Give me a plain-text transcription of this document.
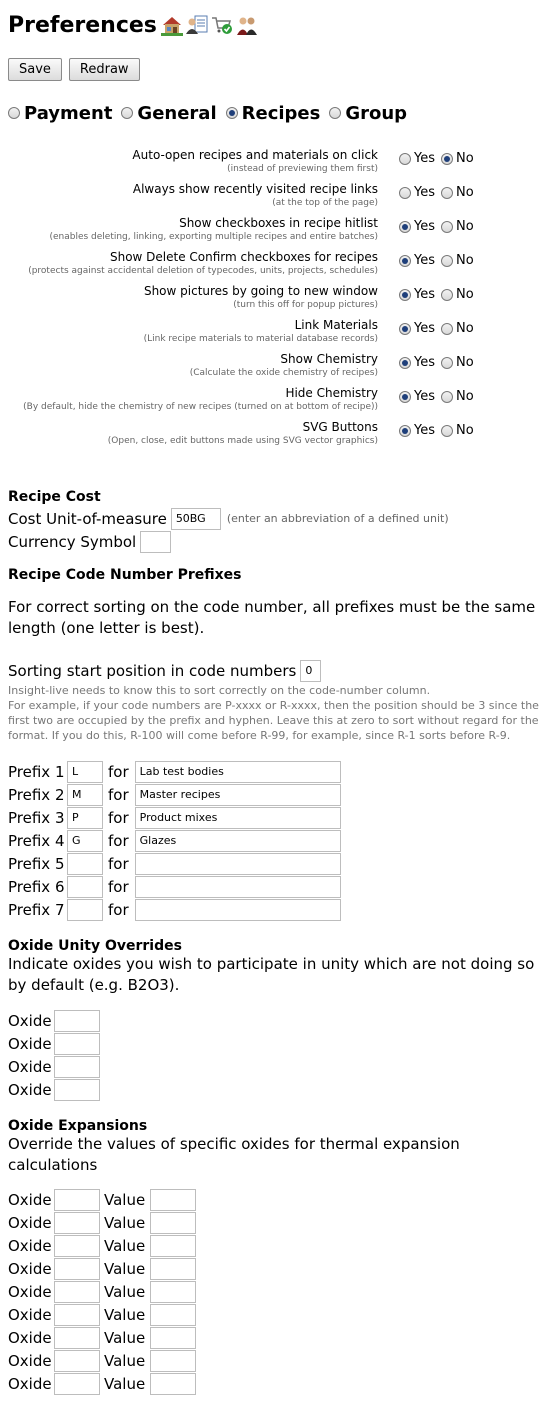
Preferences
Save	Redraw
Payment General Recipes Group
Auto-open recipes and materials on click
(instead of previewing them first)
Yes No
Always show recently visited recipe links
(at the top of the page)
Yes No
Show checkboxes in recipe hitlist
(enables deleting, linking, exporting multiple recipes and entire batches)
Yes No
Show Delete Confirm checkboxes for recipes
(protects against accidental deletion of typecodes, units, projects, schedules)
Yes No
Show pictures by going to new window
(turn this off for popup pictures)
Yes No
Link Materials
(Link recipe materials to material database records)
Yes No
Show Chemistry
(Calculate the oxide chemistry of recipes)
Yes No
Hide Chemistry
(By default, hide the chemistry of new recipes (turned on at bottom of recipe))
Yes No
SVG Buttons
(Open, close, edit buttons made using SVG vector graphics)
Yes No
Recipe Cost
Cost Unit-of-measure 50BG	(enter an abbreviation of a defined unit)
Currency Symbol
Recipe Code Number Prefixes
For correct sorting on the code number, all prefixes must be the same length (one letter is best).
Sorting start position in code numbers 0
Insight-live needs to know this to sort correctly on the code-number column.
For example, if your code numbers are P-xxxx or R-xxxx, then the position should be 3 since the first two are occupied by the prefix and hyphen. Leave this at zero to sort without regard for the format. If you do this, R-100 will come before R-99, for example, since R-1 sorts before R-9.
Prefix 1 L	for	Lab test bodies
Prefix 2 M	for	Master recipes
Prefix 3 P	for	Product mixes
Prefix 4 G	for	Glazes
Prefix 5	for
Prefix 6	for
Prefix 7	for
Oxide Unity Overrides
Indicate oxides you wish to participate in unity which are not doing so by default (e.g. B2O3).
Oxide
Oxide
Oxide
Oxide
Oxide Expansions
Override the values of specific oxides for thermal expansion calculations
Oxide	Value
Oxide	Value
Oxide	Value
Oxide	Value
Oxide	Value
Oxide	Value
Oxide	Value
Oxide	Value
Oxide	Value
